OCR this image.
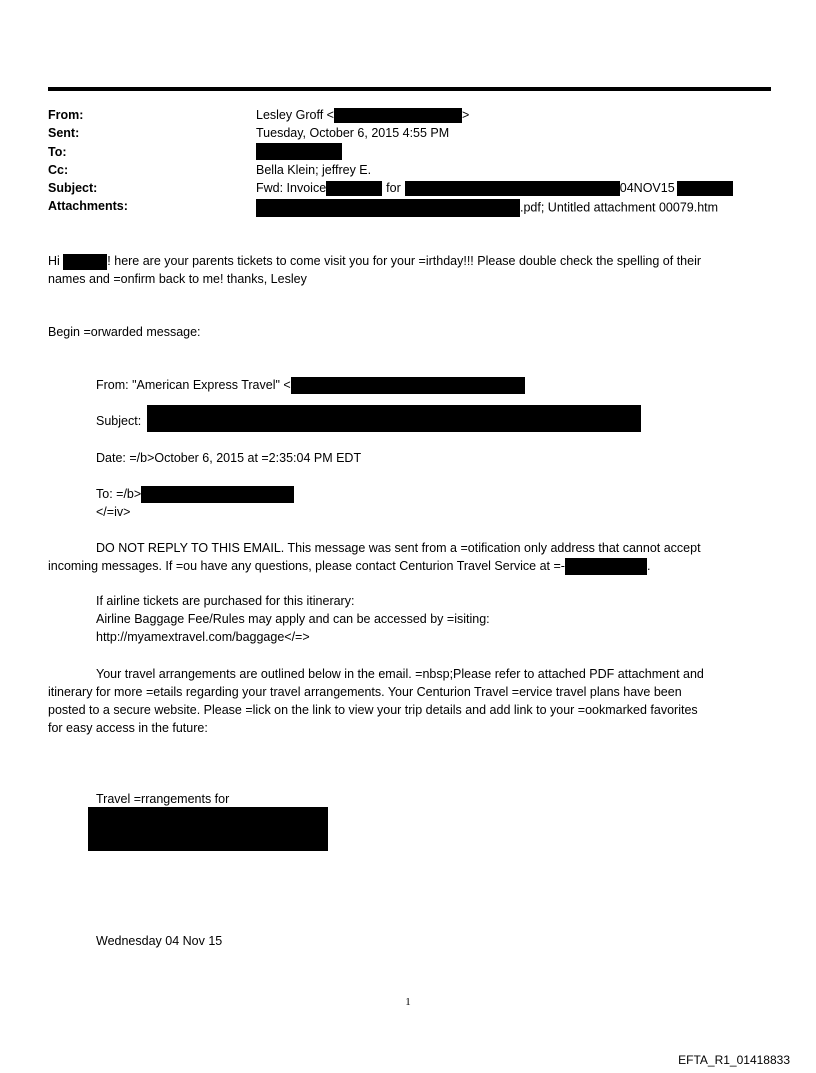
From:	Lesley Groff <	>
Sent:	Tuesday, October 6, 2015 4:55 PM
To:
Cc:	Bella Klein; jeffrey E.
Subject:	Fwd: Invoice	for	04NOV15
Attachments:	.pdf; Untitled attachment 00079.htm
Hi	! here are your parents tickets to come visit you for your =irthday!!! Please double check the spelling of their
names and =onfirm back to me! thanks, Lesley
Begin =orwarded message:
From: "American Express Travel" <
Subject:
Date: =/b>October 6, 2015 at =2:35:04 PM EDT
To: =/b>
</=iv>
DO NOT REPLY TO THIS EMAIL. This message was sent from a =otification only address that cannot accept
incoming messages. If =ou have any questions, please contact Centurion Travel Service at =-	.
If airline tickets are purchased for this itinerary:
Airline Baggage Fee/Rules may apply and can be accessed by =isiting:
http://myamextravel.com/baggage</=>
Your travel arrangements are outlined below in the email. =nbsp;Please refer to attached PDF attachment and
itinerary for more =etails regarding your travel arrangements. Your Centurion Travel =ervice travel plans have been
posted to a secure website. Please =lick on the link to view your trip details and add link to your =ookmarked favorites
for easy access in the future:
Travel =rrangements for
Wednesday 04 Nov 15
1
EFTA_R1_01418833
